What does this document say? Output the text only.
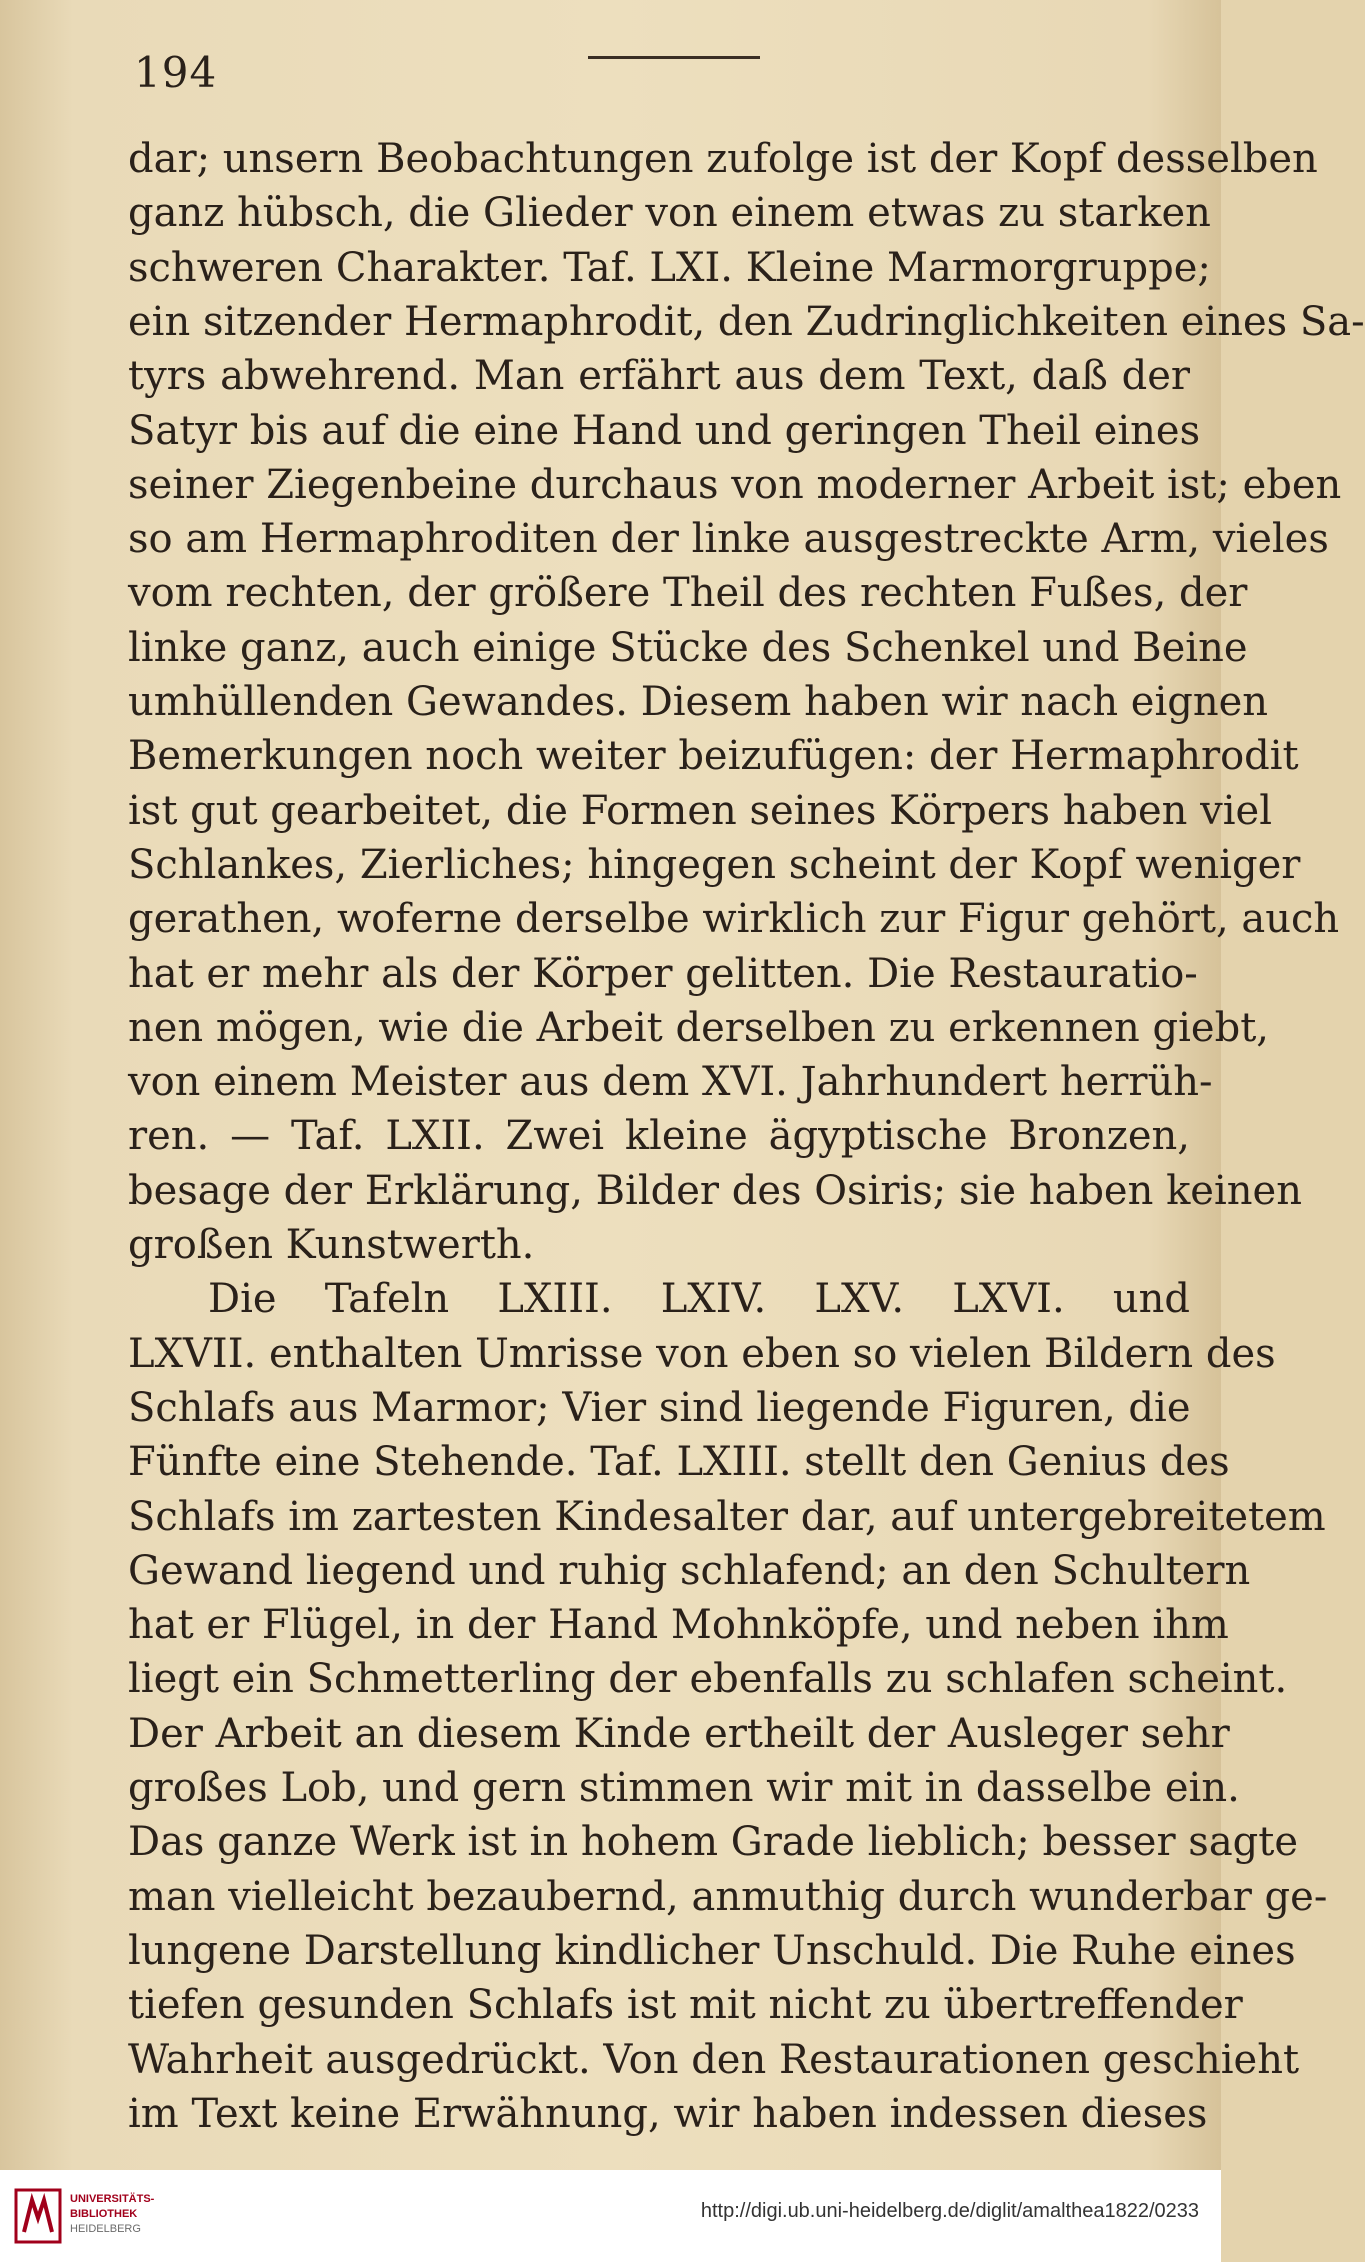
194
dar; unsern Beobachtungen zufolge ist der Kopf desselben
ganz hübsch, die Glieder von einem etwas zu starken
schweren Charakter. Taf. LXI. Kleine Marmorgruppe;
ein sitzender Hermaphrodit, den Zudringlichkeiten eines Sa-
tyrs abwehrend. Man erfährt aus dem Text, daß der
Satyr bis auf die eine Hand und geringen Theil eines
seiner Ziegenbeine durchaus von moderner Arbeit ist; eben
so am Hermaphroditen der linke ausgestreckte Arm, vieles
vom rechten, der größere Theil des rechten Fußes, der
linke ganz, auch einige Stücke des Schenkel und Beine
umhüllenden Gewandes. Diesem haben wir nach eignen
Bemerkungen noch weiter beizufügen: der Hermaphrodit
ist gut gearbeitet, die Formen seines Körpers haben viel
Schlankes, Zierliches; hingegen scheint der Kopf weniger
gerathen, woferne derselbe wirklich zur Figur gehört, auch
hat er mehr als der Körper gelitten. Die Restauratio-
nen mögen, wie die Arbeit derselben zu erkennen giebt,
von einem Meister aus dem XVI. Jahrhundert herrüh-
ren. — Taf. LXII. Zwei kleine ägyptische Bronzen,
besage der Erklärung, Bilder des Osiris; sie haben keinen
großen Kunstwerth.
Die Tafeln LXIII. LXIV. LXV. LXVI. und
LXVII. enthalten Umrisse von eben so vielen Bildern des
Schlafs aus Marmor; Vier sind liegende Figuren, die
Fünfte eine Stehende. Taf. LXIII. stellt den Genius des
Schlafs im zartesten Kindesalter dar, auf untergebreitetem
Gewand liegend und ruhig schlafend; an den Schultern
hat er Flügel, in der Hand Mohnköpfe, und neben ihm
liegt ein Schmetterling der ebenfalls zu schlafen scheint.
Der Arbeit an diesem Kinde ertheilt der Ausleger sehr
großes Lob, und gern stimmen wir mit in dasselbe ein.
Das ganze Werk ist in hohem Grade lieblich; besser sagte
man vielleicht bezaubernd, anmuthig durch wunderbar ge-
lungene Darstellung kindlicher Unschuld. Die Ruhe eines
tiefen gesunden Schlafs ist mit nicht zu übertreffender
Wahrheit ausgedrückt. Von den Restaurationen geschieht
im Text keine Erwähnung, wir haben indessen dieses
UNIVERSITÄTS-
BIBLIOTHEK
HEIDELBERG
http://digi.ub.uni-heidelberg.de/diglit/amalthea1822/0233
